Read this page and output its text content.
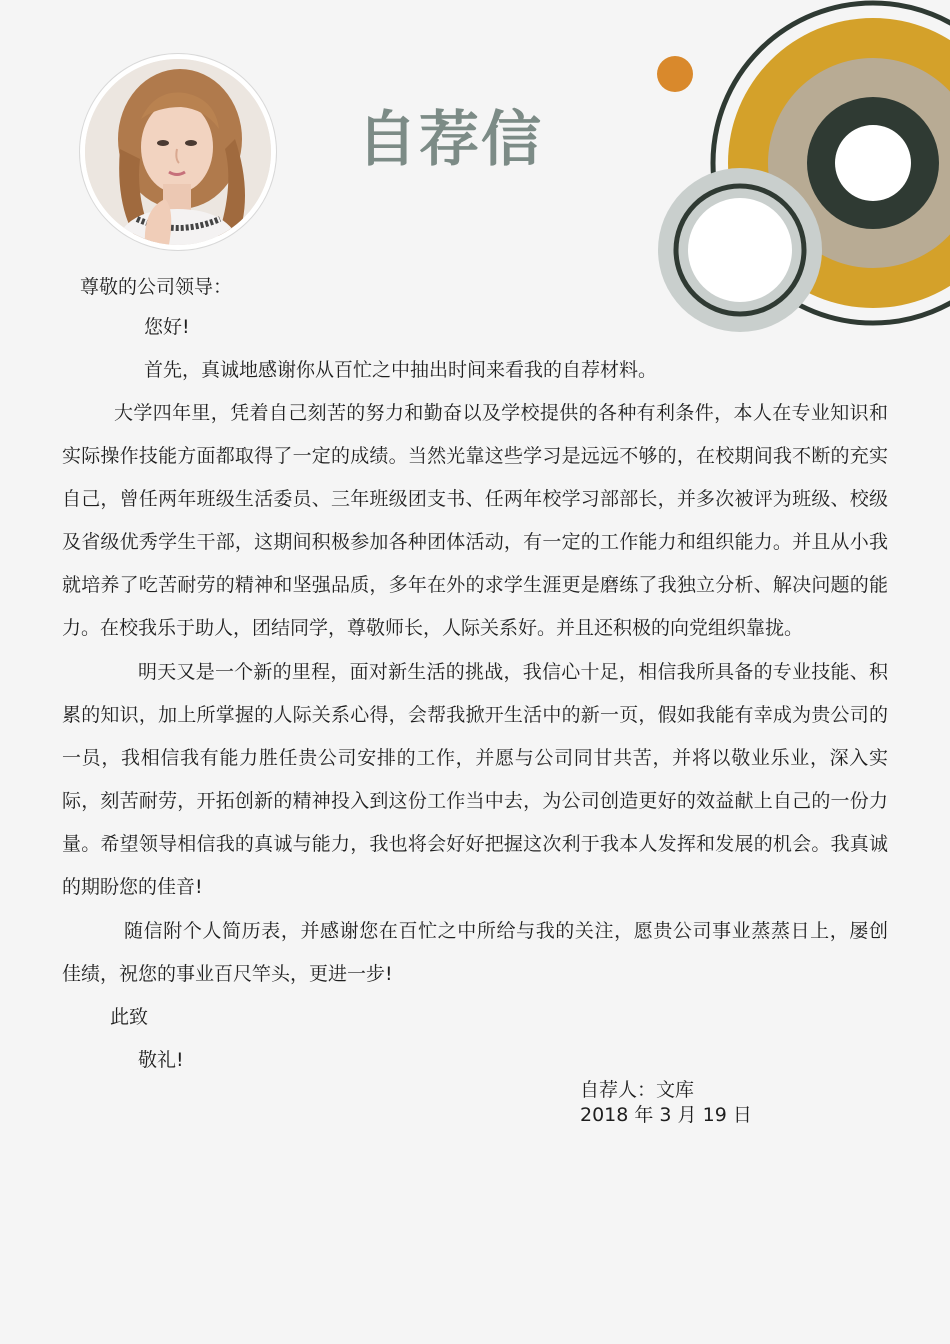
自荐信
尊敬的公司领导：
您好!
首先，真诚地感谢你从百忙之中抽出时间来看我的自荐材料。
大学四年里，凭着自己刻苦的努力和勤奋以及学校提供的各种有利条件，本人在专业知识和
实际操作技能方面都取得了一定的成绩。当然光靠这些学习是远远不够的，在校期间我不断的充实
自己，曾任两年班级生活委员、三年班级团支书、任两年校学习部部长，并多次被评为班级、校级
及省级优秀学生干部，这期间积极参加各种团体活动，有一定的工作能力和组织能力。并且从小我
就培养了吃苦耐劳的精神和坚强品质，多年在外的求学生涯更是磨练了我独立分析、解决问题的能
力。在校我乐于助人，团结同学，尊敬师长，人际关系好。并且还积极的向党组织靠拢。
明天又是一个新的里程，面对新生活的挑战，我信心十足，相信我所具备的专业技能、积
累的知识，加上所掌握的人际关系心得，会帮我掀开生活中的新一页，假如我能有幸成为贵公司的
一员，我相信我有能力胜任贵公司安排的工作，并愿与公司同甘共苦，并将以敬业乐业，深入实
际，刻苦耐劳，开拓创新的精神投入到这份工作当中去，为公司创造更好的效益献上自己的一份力
量。希望领导相信我的真诚与能力，我也将会好好把握这次利于我本人发挥和发展的机会。我真诚
的期盼您的佳音!
随信附个人简历表，并感谢您在百忙之中所给与我的关注，愿贵公司事业蒸蒸日上，屡创
佳绩，祝您的事业百尺竿头，更进一步!
此致
敬礼!
自荐人：文库
2018 年 3 月 19 日
